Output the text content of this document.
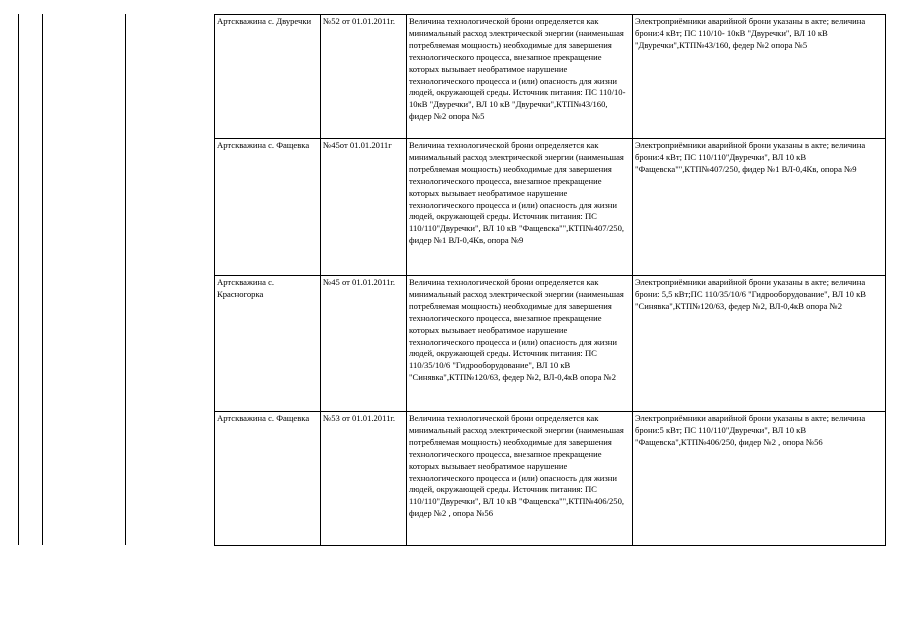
Артскважина с. Двуречки	№52 от 01.01.2011г.	Величина технологической брони определяется как минимальный расход электрической энергии (наименьшая потребляемая мощность) необходимые для завершения технологического процесса, внезапное прекращение которых вызывает необратимое нарушение технологического процесса и (или) опасность для жизни людей, окружающей среды. Источник питания: ПС 110/10- 10кВ "Двуречки", ВЛ 10 кВ "Двуречки",КТП№43/160, фидер №2 опора №5	Электроприёмники аварийной брони указаны в акте; величина брони:4 кВт; ПС 110/10- 10кВ "Двуречки", ВЛ 10 кВ "Двуречки",КТП№43/160, федер №2 опора №5
Артскважина с. Фащевка	№45от 01.01.2011г	Величина технологической брони определяется как минимальный расход электрической энергии (наименьшая потребляемая мощность) необходимые для завершения технологического процесса, внезапное прекращение которых вызывает необратимое нарушение технологического процесса и (или) опасность для жизни людей, окружающей среды. Источник питания: ПС 110/110"Двуречки", ВЛ 10 кВ "Фащевска"",КТП№407/250, фидер №1 ВЛ-0,4Кв, опора №9	Электроприёмники аварийной брони указаны в акте; величина брони:4 кВт; ПС 110/110"Двуречки", ВЛ 10 кВ "Фащевска"",КТП№407/250, фидер №1 ВЛ-0,4Кв, опора №9
Артскважина с. Красногорка	№45 от 01.01.2011г.	Величина технологической брони определяется как минимальный расход электрической энергии (наименьшая потребляемая мощность) необходимые для завершения технологического процесса, внезапное прекращение которых вызывает необратимое нарушение технологического процесса и (или) опасность для жизни людей, окружающей среды. Источник питания: ПС 110/35/10/6 "Гидрооборудование", ВЛ 10 кВ "Синявка",КТП№120/63, федер №2, ВЛ-0,4кВ опора №2	Электроприёмники аварийной брони указаны в акте; величина брони: 5,5 кВт;ПС 110/35/10/6 "Гидрооборудование", ВЛ 10 кВ "Синявка",КТП№120/63, федер №2, ВЛ-0,4кВ опора №2
Артскважина с. Фащевка	№53 от 01.01.2011г.	Величина технологической брони определяется как минимальный расход электрической энергии (наименьшая потребляемая мощность) необходимые для завершения технологического процесса, внезапное прекращение которых вызывает необратимое нарушение технологического процесса и (или) опасность для жизни людей, окружающей среды. Источник питания: ПС 110/110"Двуречки", ВЛ 10 кВ "Фащевска"",КТП№406/250, фидер №2 , опора №56	Электроприёмники аварийной брони указаны в акте; величина брони:5 кВт; ПС 110/110"Двуречки", ВЛ 10 кВ "Фащевска",КТП№406/250, фидер №2 , опора №56
